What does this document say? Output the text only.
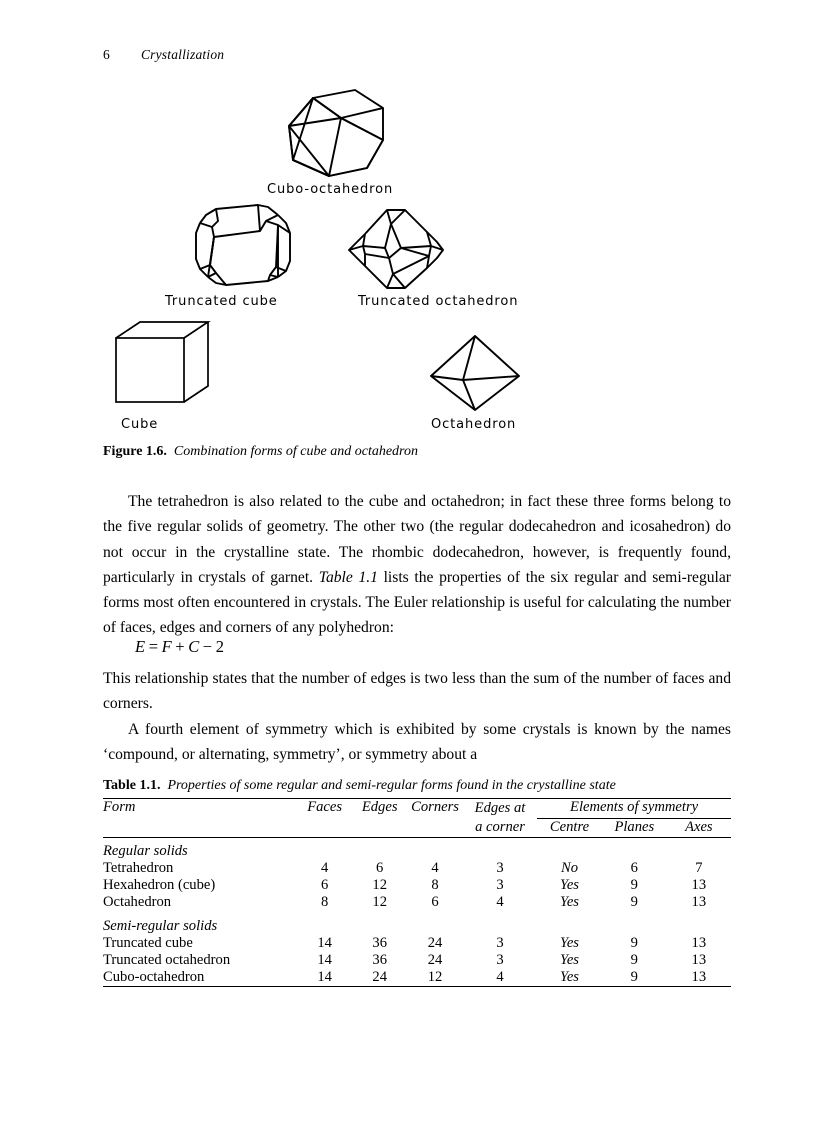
6 Crystallization
Cubo-octahedron
Truncated cube	Truncated octahedron
Cube	Octahedron
Figure 1.6. Combination forms of cube and octahedron

The tetrahedron is also related to the cube and octahedron; in fact these three forms belong to the five regular solids of geometry. The other two (the regular dodecahedron and icosahedron) do not occur in the crystalline state. The rhombic dodecahedron, however, is frequently found, particularly in crystals of garnet. Table 1.1 lists the properties of the six regular and semi-regular forms most often encountered in crystals. The Euler relationship is useful for calculating the number of faces, edges and corners of any polyhedron:

E = F + C − 2

This relationship states that the number of edges is two less than the sum of the number of faces and corners.

A fourth element of symmetry which is exhibited by some crystals is known by the names ‘compound, or alternating, symmetry’, or symmetry about a

Table 1.1. Properties of some regular and semi-regular forms found in the crystalline state
Form	Faces	Edges	Corners	Edges at
a corner	Elements of symmetry		
					Centre	Planes	Axes
Regular solids							
Tetrahedron	4	6	4	3	No	6	7
Hexahedron (cube)	6	12	8	3	Yes	9	13
Octahedron	8	12	6	4	Yes	9	13
Semi-regular solids							
Truncated cube	14	36	24	3	Yes	9	13
Truncated octahedron	14	36	24	3	Yes	9	13
Cubo-octahedron	14	24	12	4	Yes	9	13
